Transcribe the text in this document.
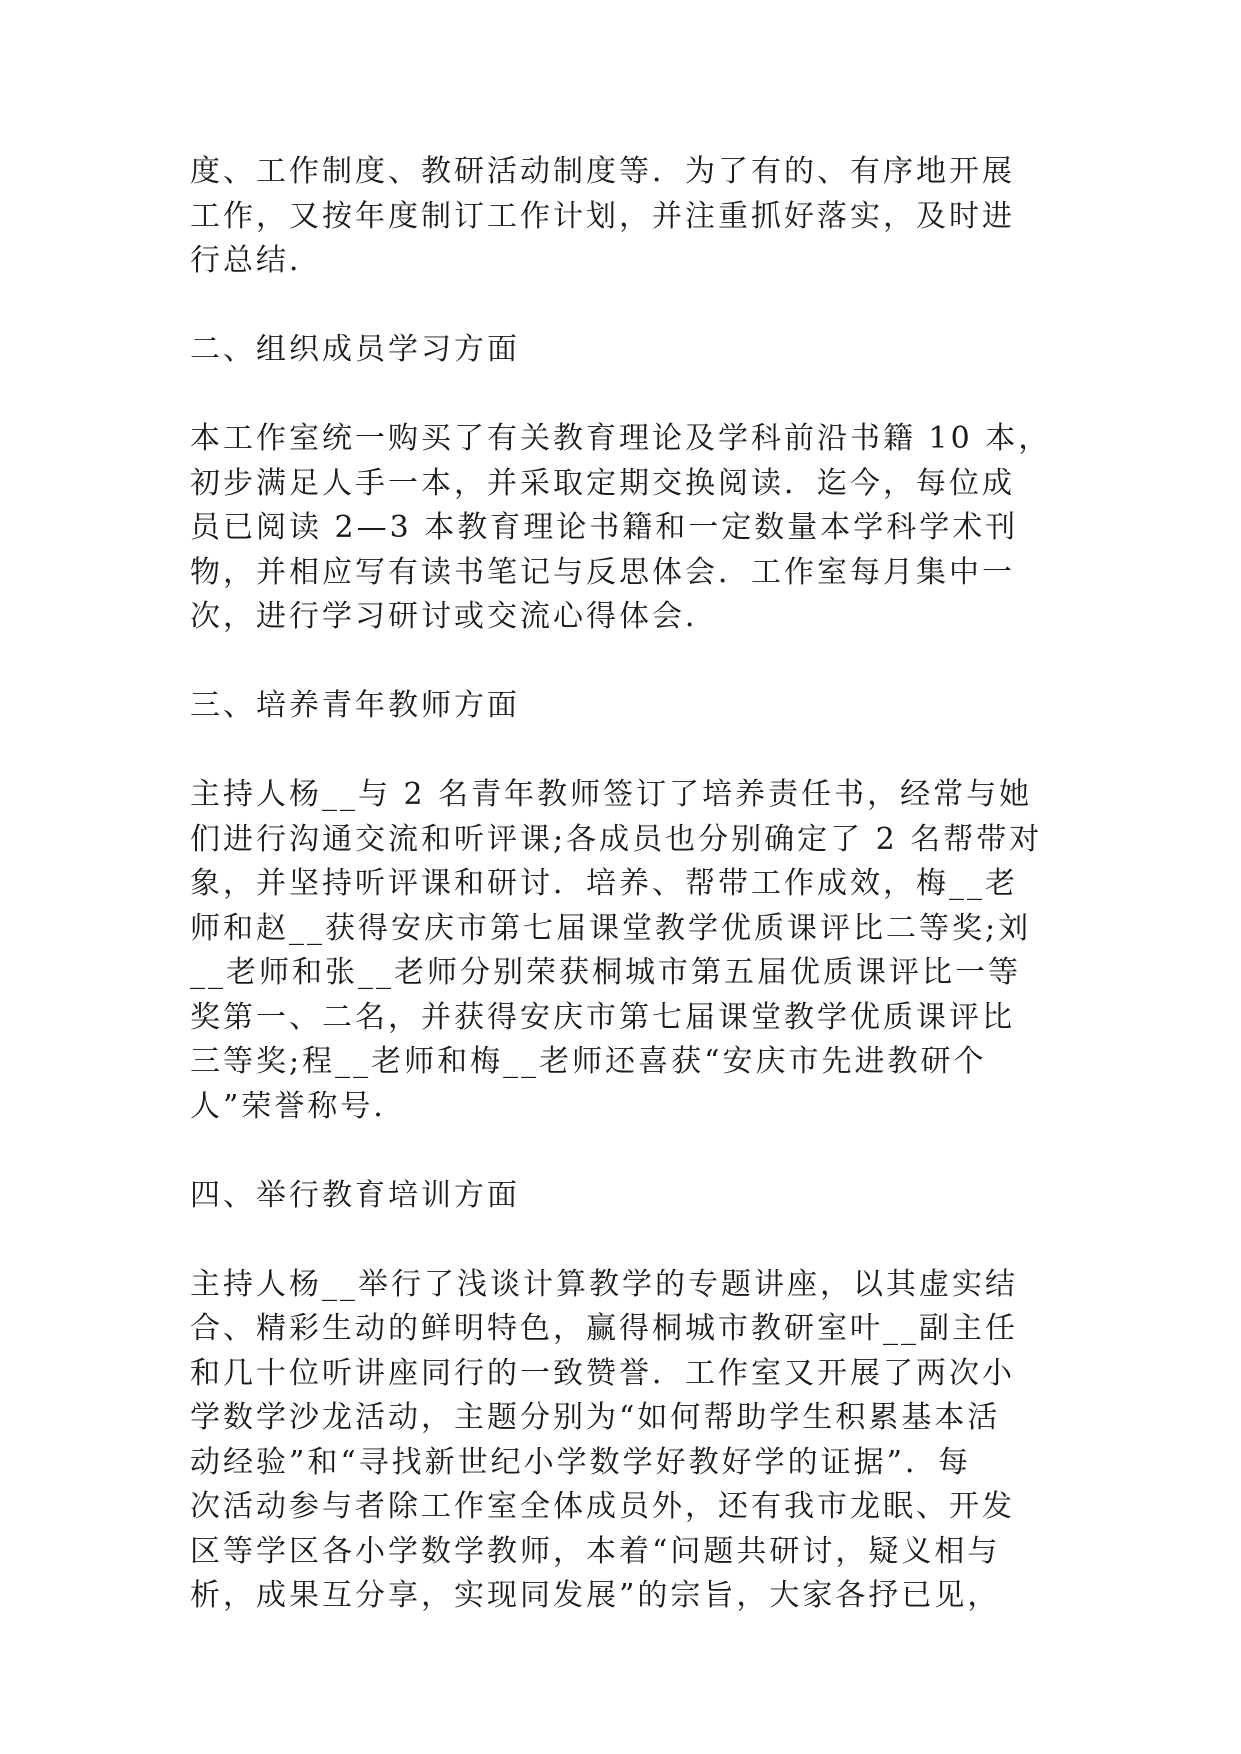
度、工作制度、教研活动制度等．为了有的、有序地开展
工作，又按年度制订工作计划，并注重抓好落实，及时进
行总结．
二、组织成员学习方面
本工作室统一购买了有关教育理论及学科前沿书籍 10 本，
初步满足人手一本，并采取定期交换阅读．迄今，每位成
员已阅读 2—3 本教育理论书籍和一定数量本学科学术刊
物，并相应写有读书笔记与反思体会．工作室每月集中一
次，进行学习研讨或交流心得体会．
三、培养青年教师方面
主持人杨__与 2 名青年教师签订了培养责任书，经常与她
们进行沟通交流和听评课;各成员也分别确定了 2 名帮带对
象，并坚持听评课和研讨．培养、帮带工作成效，梅__老
师和赵__获得安庆市第七届课堂教学优质课评比二等奖;刘
__老师和张__老师分别荣获桐城市第五届优质课评比一等
奖第一、二名，并获得安庆市第七届课堂教学优质课评比
三等奖;程__老师和梅__老师还喜获“安庆市先进教研个
人”荣誉称号．
四、举行教育培训方面
主持人杨__举行了浅谈计算教学的专题讲座，以其虚实结
合、精彩生动的鲜明特色，赢得桐城市教研室叶__副主任
和几十位听讲座同行的一致赞誉．工作室又开展了两次小
学数学沙龙活动，主题分别为“如何帮助学生积累基本活
动经验”和“寻找新世纪小学数学好教好学的证据”．每
次活动参与者除工作室全体成员外，还有我市龙眠、开发
区等学区各小学数学教师，本着“问题共研讨，疑义相与
析，成果互分享，实现同发展”的宗旨，大家各抒已见，
